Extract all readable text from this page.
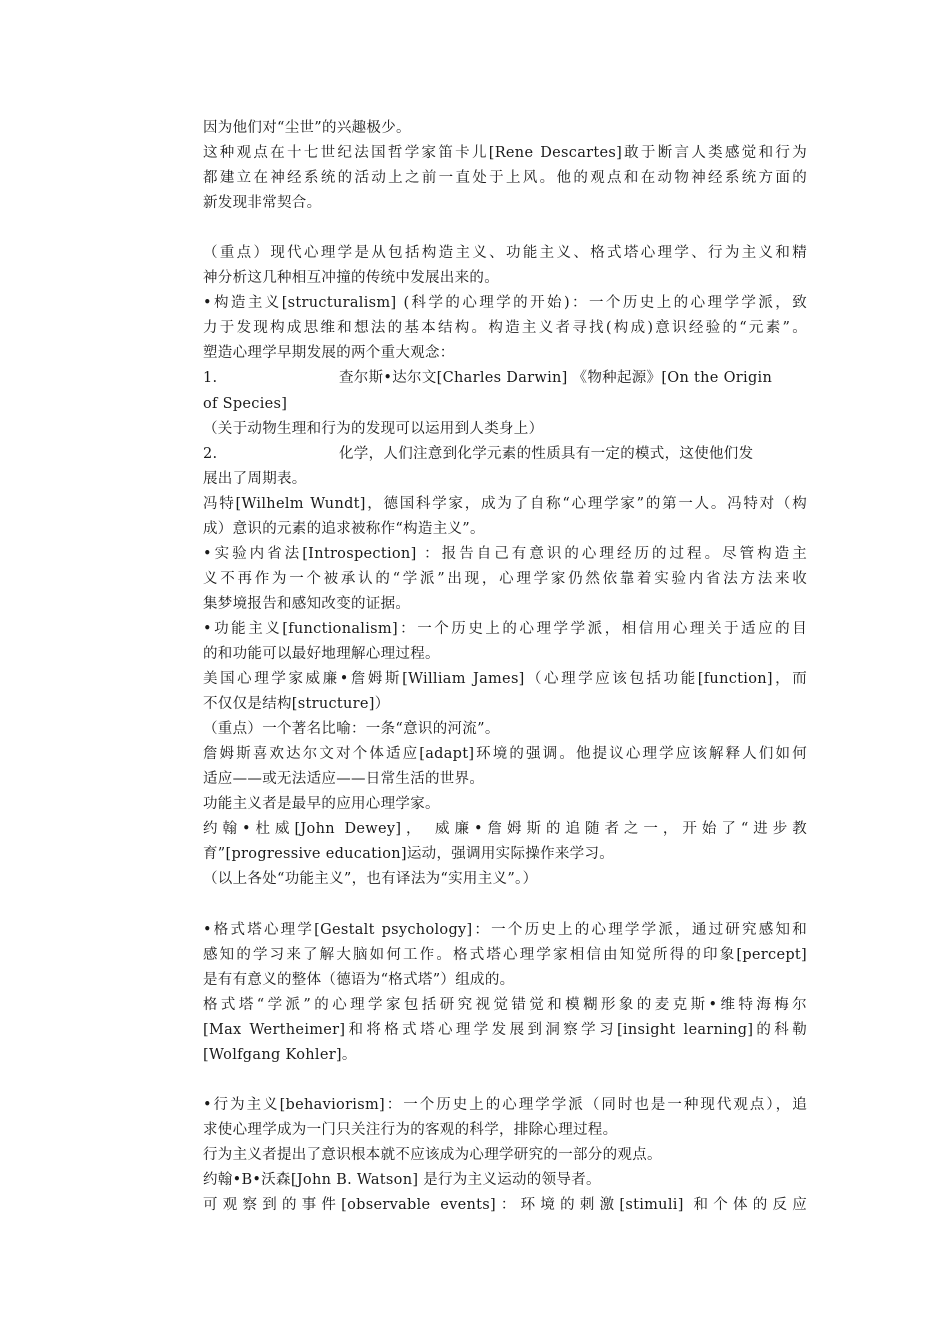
因为他们对“尘世”的兴趣极少。
这种观点在十七世纪法国哲学家笛卡儿[Rene Descartes]敢于断言人类感觉和行为
都建立在神经系统的活动上之前一直处于上风。他的观点和在动物神经系统方面的
新发现非常契合。
（重点）现代心理学是从包括构造主义、功能主义、格式塔心理学、行为主义和精
神分析这几种相互冲撞的传统中发展出来的。
•构造主义[structuralism] (科学的心理学的开始)：一个历史上的心理学学派，致
力于发现构成思维和想法的基本结构。构造主义者寻找(构成)意识经验的“元素”。
塑造心理学早期发展的两个重大观念：
1.	查尔斯•达尔文[Charles Darwin] 《物种起源》[On the Origin
of Species]
（关于动物生理和行为的发现可以运用到人类身上）
2.	化学，人们注意到化学元素的性质具有一定的模式，这使他们发
展出了周期表。
冯特[Wilhelm Wundt]，德国科学家，成为了自称“心理学家”的第一人。冯特对（构
成）意识的元素的追求被称作“构造主义”。
•实验内省法[Introspection] ：报告自己有意识的心理经历的过程。尽管构造主
义不再作为一个被承认的“学派”出现，心理学家仍然依靠着实验内省法方法来收
集梦境报告和感知改变的证据。
•功能主义[functionalism]：一个历史上的心理学学派，相信用心理关于适应的目
的和功能可以最好地理解心理过程。
美国心理学家威廉•詹姆斯[William James]（心理学应该包括功能[function]，而
不仅仅是结构[structure]）
（重点）一个著名比喻：一条“意识的河流”。
詹姆斯喜欢达尔文对个体适应[adapt]环境的强调。他提议心理学应该解释人们如何
适应——或无法适应——日常生活的世界。
功能主义者是最早的应用心理学家。
约翰•杜威[John Dewey]， 威廉•詹姆斯的追随者之一，开始了“进步教
育”[progressive education]运动，强调用实际操作来学习。
（以上各处“功能主义”，也有译法为“实用主义”。）
•格式塔心理学[Gestalt psychology]：一个历史上的心理学学派，通过研究感知和
感知的学习来了解大脑如何工作。格式塔心理学家相信由知觉所得的印象[percept]
是有有意义的整体（德语为“格式塔”）组成的。
格式塔“学派”的心理学家包括研究视觉错觉和模糊形象的麦克斯•维特海梅尔
[Max Wertheimer]和将格式塔心理学发展到洞察学习[insight learning]的科勒
[Wolfgang Kohler]。
•行为主义[behaviorism]：一个历史上的心理学学派（同时也是一种现代观点），追
求使心理学成为一门只关注行为的客观的科学，排除心理过程。
行为主义者提出了意识根本就不应该成为心理学研究的一部分的观点。
约翰•B•沃森[John B. Watson] 是行为主义运动的领导者。
可观察到的事件[observable events]：环境的刺激[stimuli] 和个体的反应
